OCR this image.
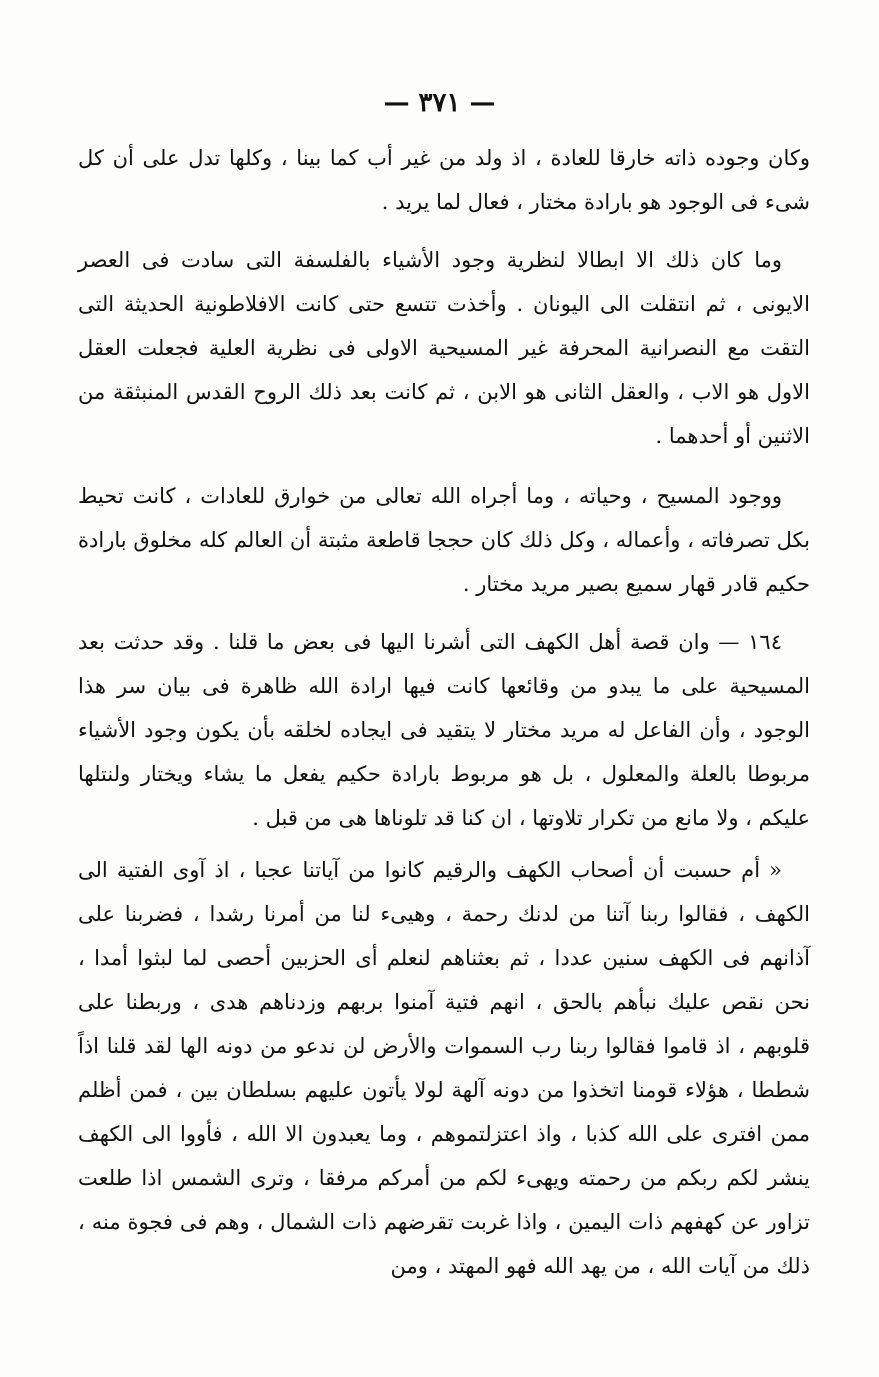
— ٣٧١ —

وكان وجوده ذاته خارقا للعادة ، اذ ولد من غير أب كما بينا ، وكلها تدل على أن كل شىء فى الوجود هو بارادة مختار ، فعال لما يريد .

وما كان ذلك الا ابطالا لنظرية وجود الأشياء بالفلسفة التى سادت فى العصر الايونى ، ثم انتقلت الى اليونان . وأخذت تتسع حتى كانت الافلاطونية الحديثة التى التقت مع النصرانية المحرفة غير المسيحية الاولى فى نظرية العلية فجعلت العقل الاول هو الاب ، والعقل الثانى هو الابن ، ثم كانت بعد ذلك الروح القدس المنبثقة من الاثنين أو أحدهما .

ووجود المسيح ، وحياته ، وما أجراه الله تعالى من خوارق للعادات ، كانت تحيط بكل تصرفاته ، وأعماله ، وكل ذلك كان حججا قاطعة مثبتة أن العالم كله مخلوق بارادة حكيم قادر قهار سميع بصير مريد مختار .

١٦٤ — وان قصة أهل الكهف التى أشرنا اليها فى بعض ما قلنا . وقد حدثت بعد المسيحية على ما يبدو من وقائعها كانت فيها ارادة الله ظاهرة فى بيان سر هذا الوجود ، وأن الفاعل له مريد مختار لا يتقيد فى ايجاده لخلقه بأن يكون وجود الأشياء مربوطا بالعلة والمعلول ، بل هو مربوط بارادة حكيم يفعل ما يشاء ويختار ولنتلها عليكم ، ولا مانع من تكرار تلاوتها ، ان كنا قد تلوناها هى من قبل .

« أم حسبت أن أصحاب الكهف والرقيم كانوا من آياتنا عجبا ، اذ آوى الفتية الى الكهف ، فقالوا ربنا آتنا من لدنك رحمة ، وهيىء لنا من أمرنا رشدا ، فضربنا على آذانهم فى الكهف سنين عددا ، ثم بعثناهم لنعلم أى الحزبين أحصى لما لبثوا أمدا ، نحن نقص عليك نبأهم بالحق ، انهم فتية آمنوا بربهم وزدناهم هدى ، وربطنا على قلوبهم ، اذ قاموا فقالوا ربنا رب السموات والأرض لن ندعو من دونه الها لقد قلنا اذاً شططا ، هؤلاء قومنا اتخذوا من دونه آلهة لولا يأتون عليهم بسلطان بين ، فمن أظلم ممن افترى على الله كذبا ، واذ اعتزلتموهم ، وما يعبدون الا الله ، فأووا الى الكهف ينشر لكم ربكم من رحمته ويهىء لكم من أمركم مرفقا ، وترى الشمس اذا طلعت تزاور عن كهفهم ذات اليمين ، واذا غربت تقرضهم ذات الشمال ، وهم فى فجوة منه ، ذلك من آيات الله ، من يهد الله فهو المهتد ، ومن
